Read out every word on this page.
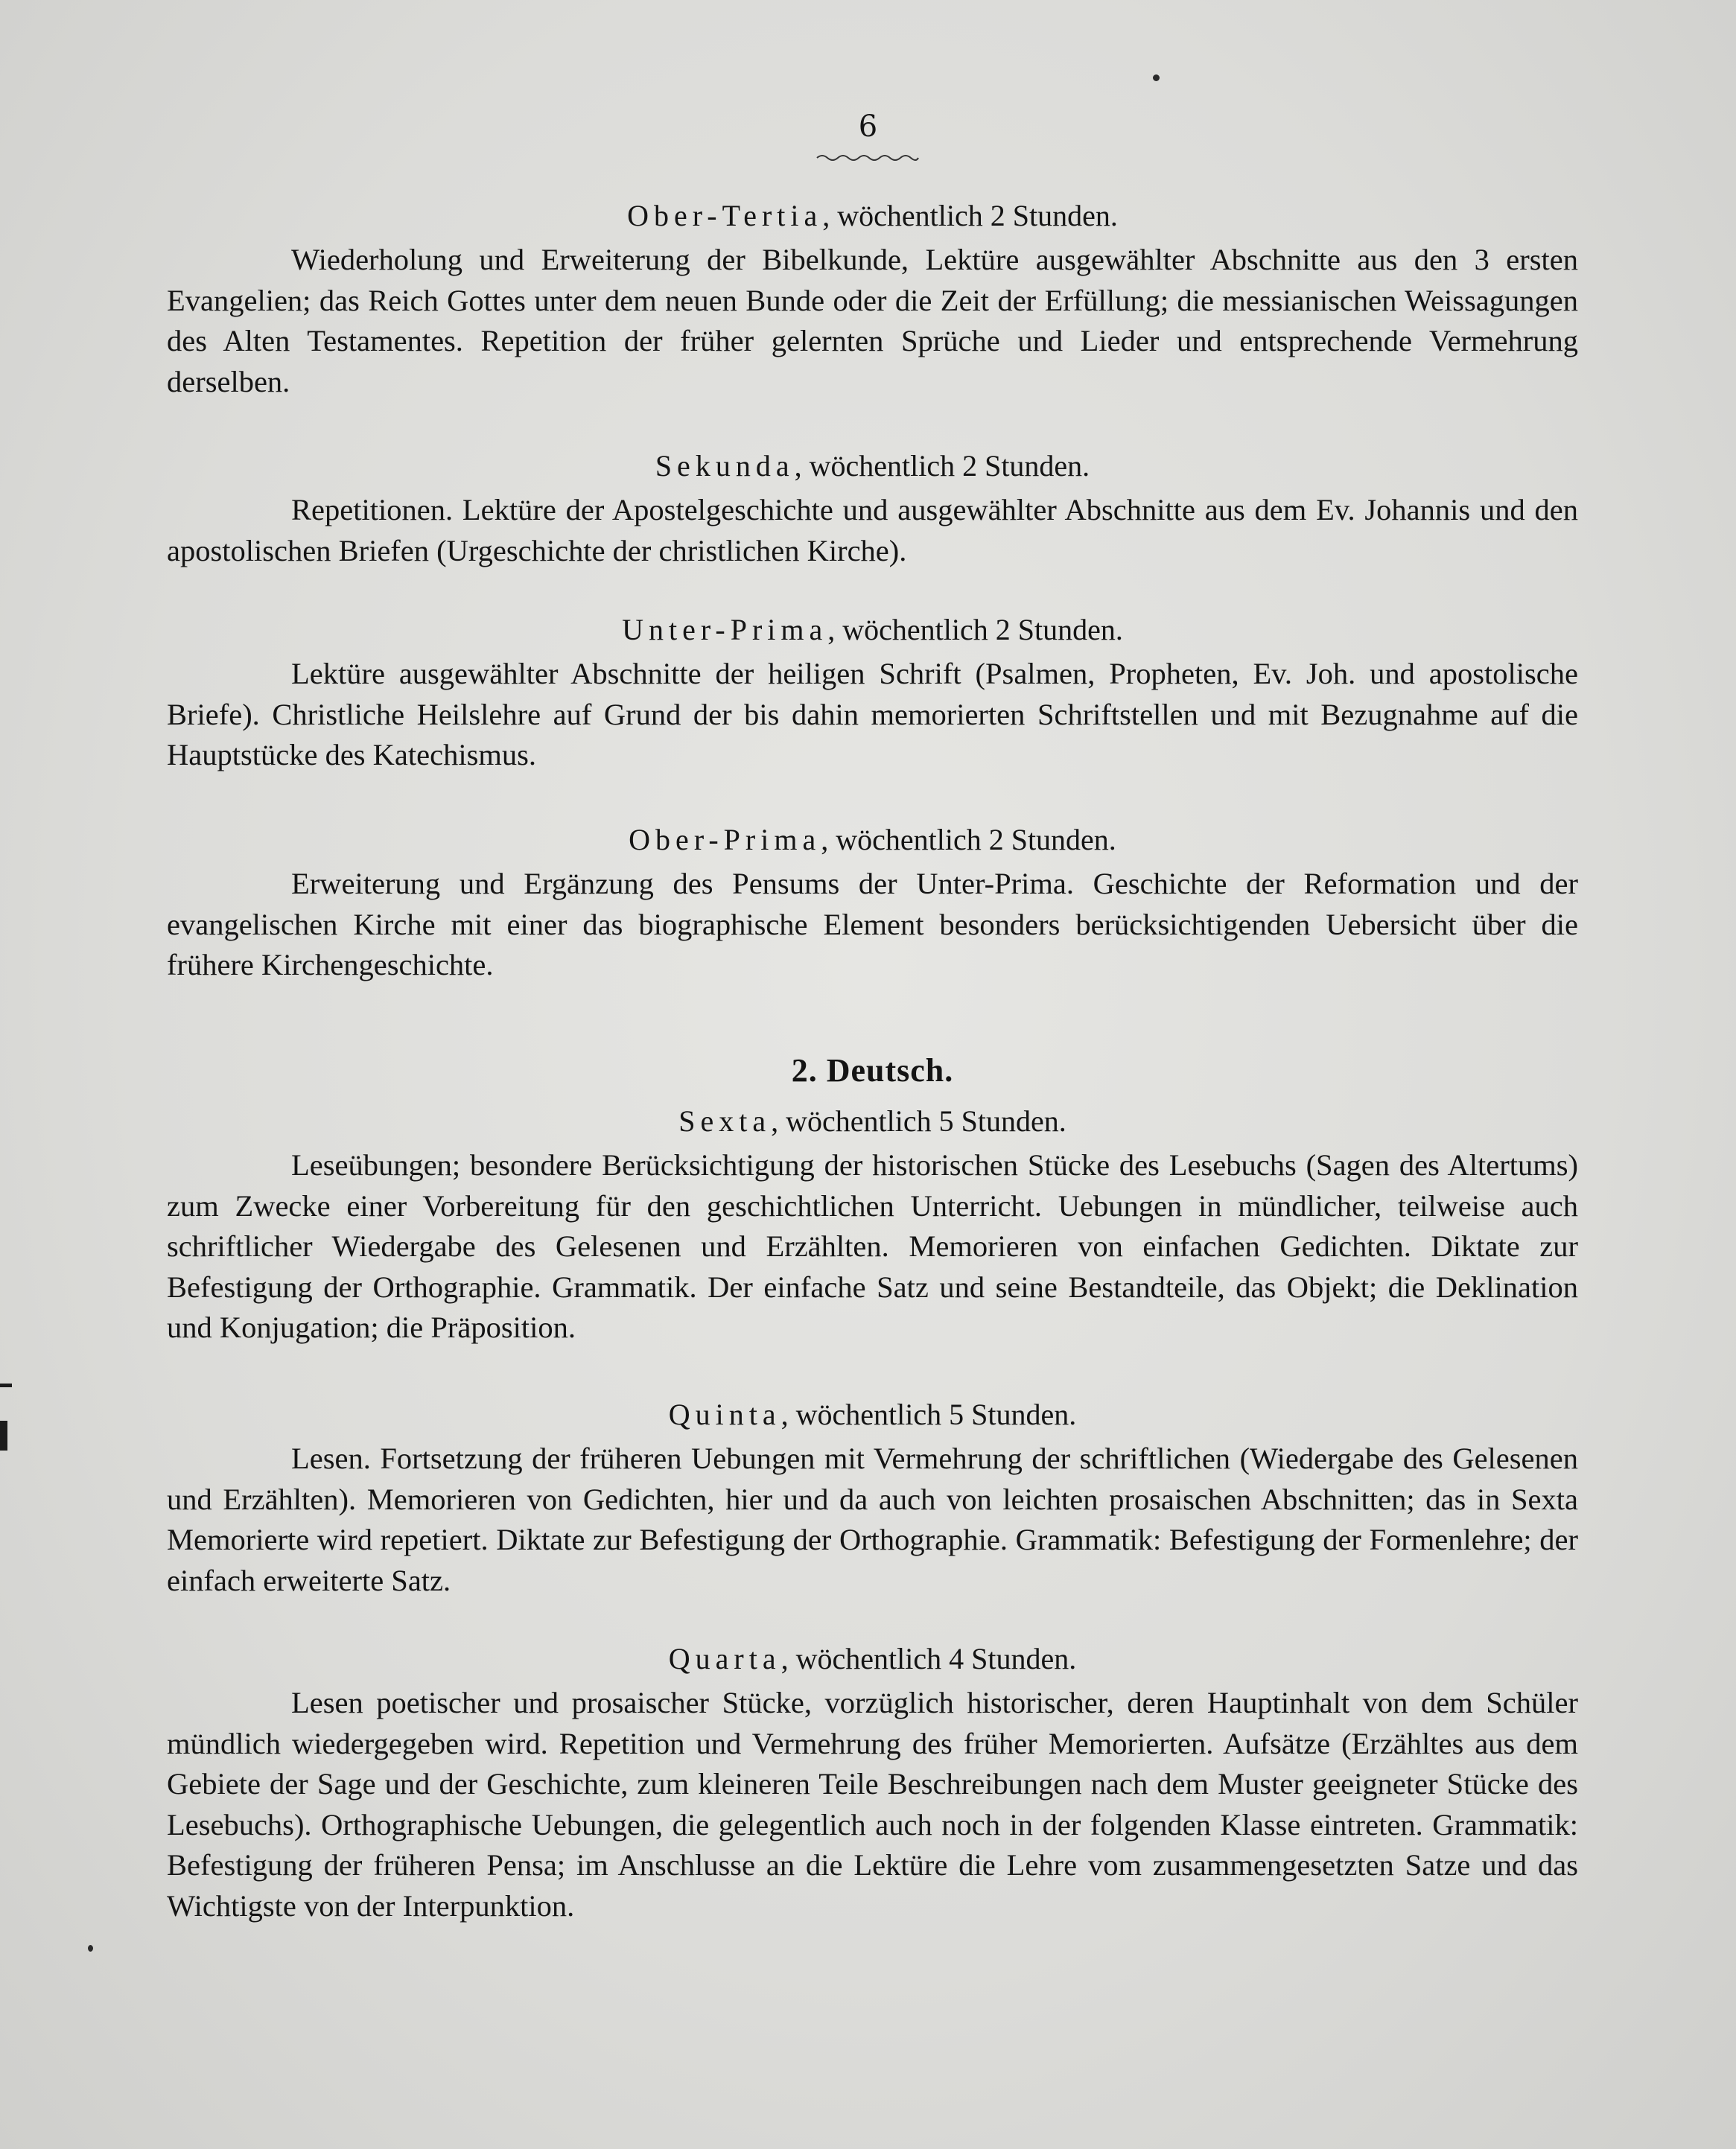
6
Ober-Tertia, wöchentlich 2 Stunden.

Wiederholung und Erweiterung der Bibelkunde, Lektüre ausgewählter Abschnitte aus den 3 ersten Evangelien; das Reich Gottes unter dem neuen Bunde oder die Zeit der Erfüllung; die messianischen Weissagungen des Alten Testamentes. Repetition der früher gelernten Sprüche und Lieder und entsprechende Vermehrung derselben.

Sekunda, wöchentlich 2 Stunden.

Repetitionen. Lektüre der Apostelgeschichte und ausgewählter Abschnitte aus dem Ev. Johannis und den apostolischen Briefen (Urgeschichte der christlichen Kirche).

Unter-Prima, wöchentlich 2 Stunden.

Lektüre ausgewählter Abschnitte der heiligen Schrift (Psalmen, Propheten, Ev. Joh. und apostolische Briefe). Christliche Heilslehre auf Grund der bis dahin memorierten Schriftstellen und mit Bezugnahme auf die Hauptstücke des Katechismus.

Ober-Prima, wöchentlich 2 Stunden.

Erweiterung und Ergänzung des Pensums der Unter-Prima. Geschichte der Reformation und der evangelischen Kirche mit einer das biographische Element besonders berücksichtigenden Uebersicht über die frühere Kirchengeschichte.

2. Deutsch.
Sexta, wöchentlich 5 Stunden.

Leseübungen; besondere Berücksichtigung der historischen Stücke des Lesebuchs (Sagen des Altertums) zum Zwecke einer Vorbereitung für den geschichtlichen Unterricht. Uebungen in mündlicher, teilweise auch schriftlicher Wiedergabe des Gelesenen und Erzählten. Memorieren von einfachen Gedichten. Diktate zur Befestigung der Orthographie. Grammatik. Der einfache Satz und seine Bestandteile, das Objekt; die Deklination und Konjugation; die Präposition.

Quinta, wöchentlich 5 Stunden.

Lesen. Fortsetzung der früheren Uebungen mit Vermehrung der schriftlichen (Wiedergabe des Gelesenen und Erzählten). Memorieren von Gedichten, hier und da auch von leichten prosaischen Abschnitten; das in Sexta Memorierte wird repetiert. Diktate zur Befestigung der Orthographie. Grammatik: Befestigung der Formenlehre; der einfach erweiterte Satz.

Quarta, wöchentlich 4 Stunden.

Lesen poetischer und prosaischer Stücke, vorzüglich historischer, deren Hauptinhalt von dem Schüler mündlich wiedergegeben wird. Repetition und Vermehrung des früher Memorierten. Aufsätze (Erzähltes aus dem Gebiete der Sage und der Geschichte, zum kleineren Teile Beschreibungen nach dem Muster geeigneter Stücke des Lesebuchs). Orthographische Uebungen, die gelegentlich auch noch in der folgenden Klasse eintreten. Grammatik: Befestigung der früheren Pensa; im Anschlusse an die Lektüre die Lehre vom zusammengesetzten Satze und das Wichtigste von der Interpunktion.
